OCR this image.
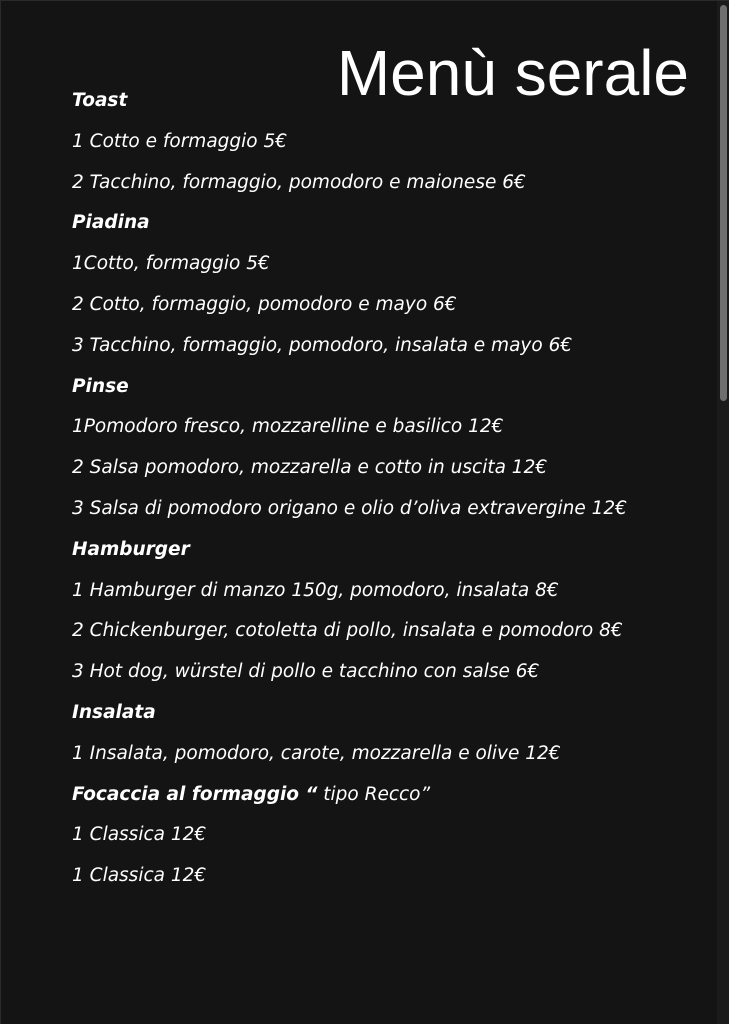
Menù serale
Toast
1 Cotto e formaggio 5€
2 Tacchino, formaggio, pomodoro e maionese 6€
Piadina
1Cotto, formaggio 5€
2 Cotto, formaggio, pomodoro e mayo 6€
3 Tacchino, formaggio, pomodoro, insalata e mayo 6€
Pinse
1Pomodoro fresco, mozzarelline e basilico 12€
2 Salsa pomodoro, mozzarella e cotto in uscita 12€
3 Salsa di pomodoro origano e olio d’oliva extravergine 12€
Hamburger
1 Hamburger di manzo 150g, pomodoro, insalata 8€
2 Chickenburger, cotoletta di pollo, insalata e pomodoro 8€
3 Hot dog, würstel di pollo e tacchino con salse 6€
Insalata
1 Insalata, pomodoro, carote, mozzarella e olive 12€
Focaccia al formaggio “ tipo Recco”
1 Classica 12€
1 Classica 12€
